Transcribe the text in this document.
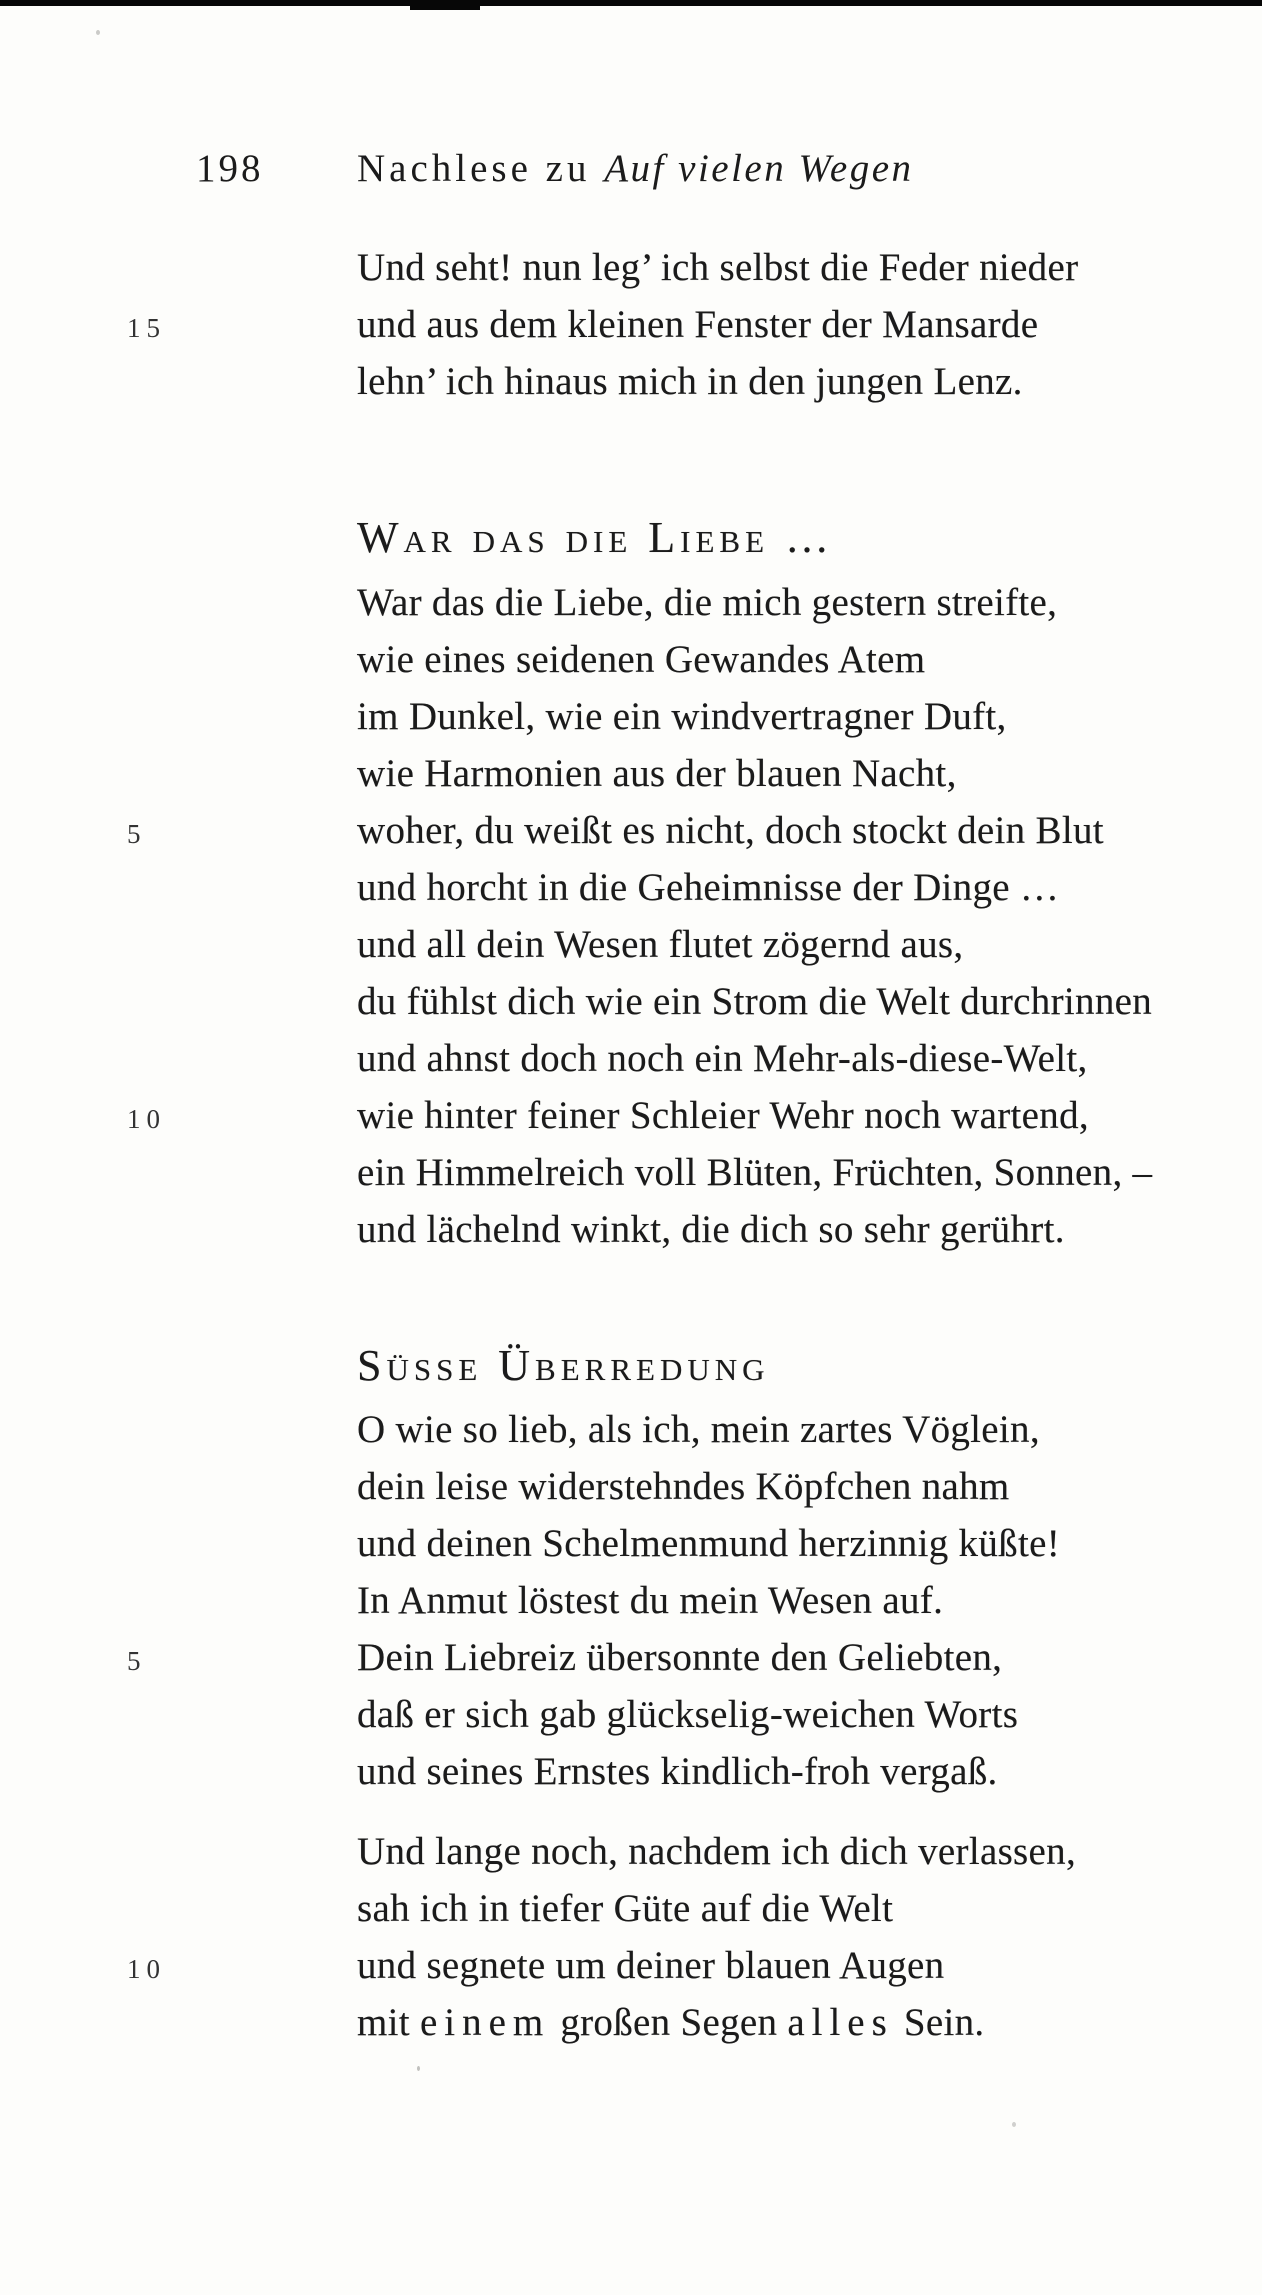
198	Nachlese zu Auf vielen Wegen
Und seht! nun leg’ ich selbst die Feder nieder
15	und aus dem kleinen Fenster der Mansarde
lehn’ ich hinaus mich in den jungen Lenz.
War das die Liebe …
War das die Liebe, die mich gestern streifte,
wie eines seidenen Gewandes Atem
im Dunkel, wie ein windvertragner Duft,
wie Harmonien aus der blauen Nacht,
5	woher, du weißt es nicht, doch stockt dein Blut
und horcht in die Geheimnisse der Dinge …
und all dein Wesen flutet zögernd aus,
du fühlst dich wie ein Strom die Welt durchrinnen
und ahnst doch noch ein Mehr-als-diese-Welt,
10	wie hinter feiner Schleier Wehr noch wartend,
ein Himmelreich voll Blüten, Früchten, Sonnen, –
und lächelnd winkt, die dich so sehr gerührt.
Süsse Überredung
O wie so lieb, als ich, mein zartes Vöglein,
dein leise widerstehndes Köpfchen nahm
und deinen Schelmenmund herzinnig küßte!
In Anmut löstest du mein Wesen auf.
5	Dein Liebreiz übersonnte den Geliebten,
daß er sich gab glückselig-weichen Worts
und seines Ernstes kindlich-froh vergaß.
Und lange noch, nachdem ich dich verlassen,
sah ich in tiefer Güte auf die Welt
10	und segnete um deiner blauen Augen
mit einem großen Segen alles Sein.
